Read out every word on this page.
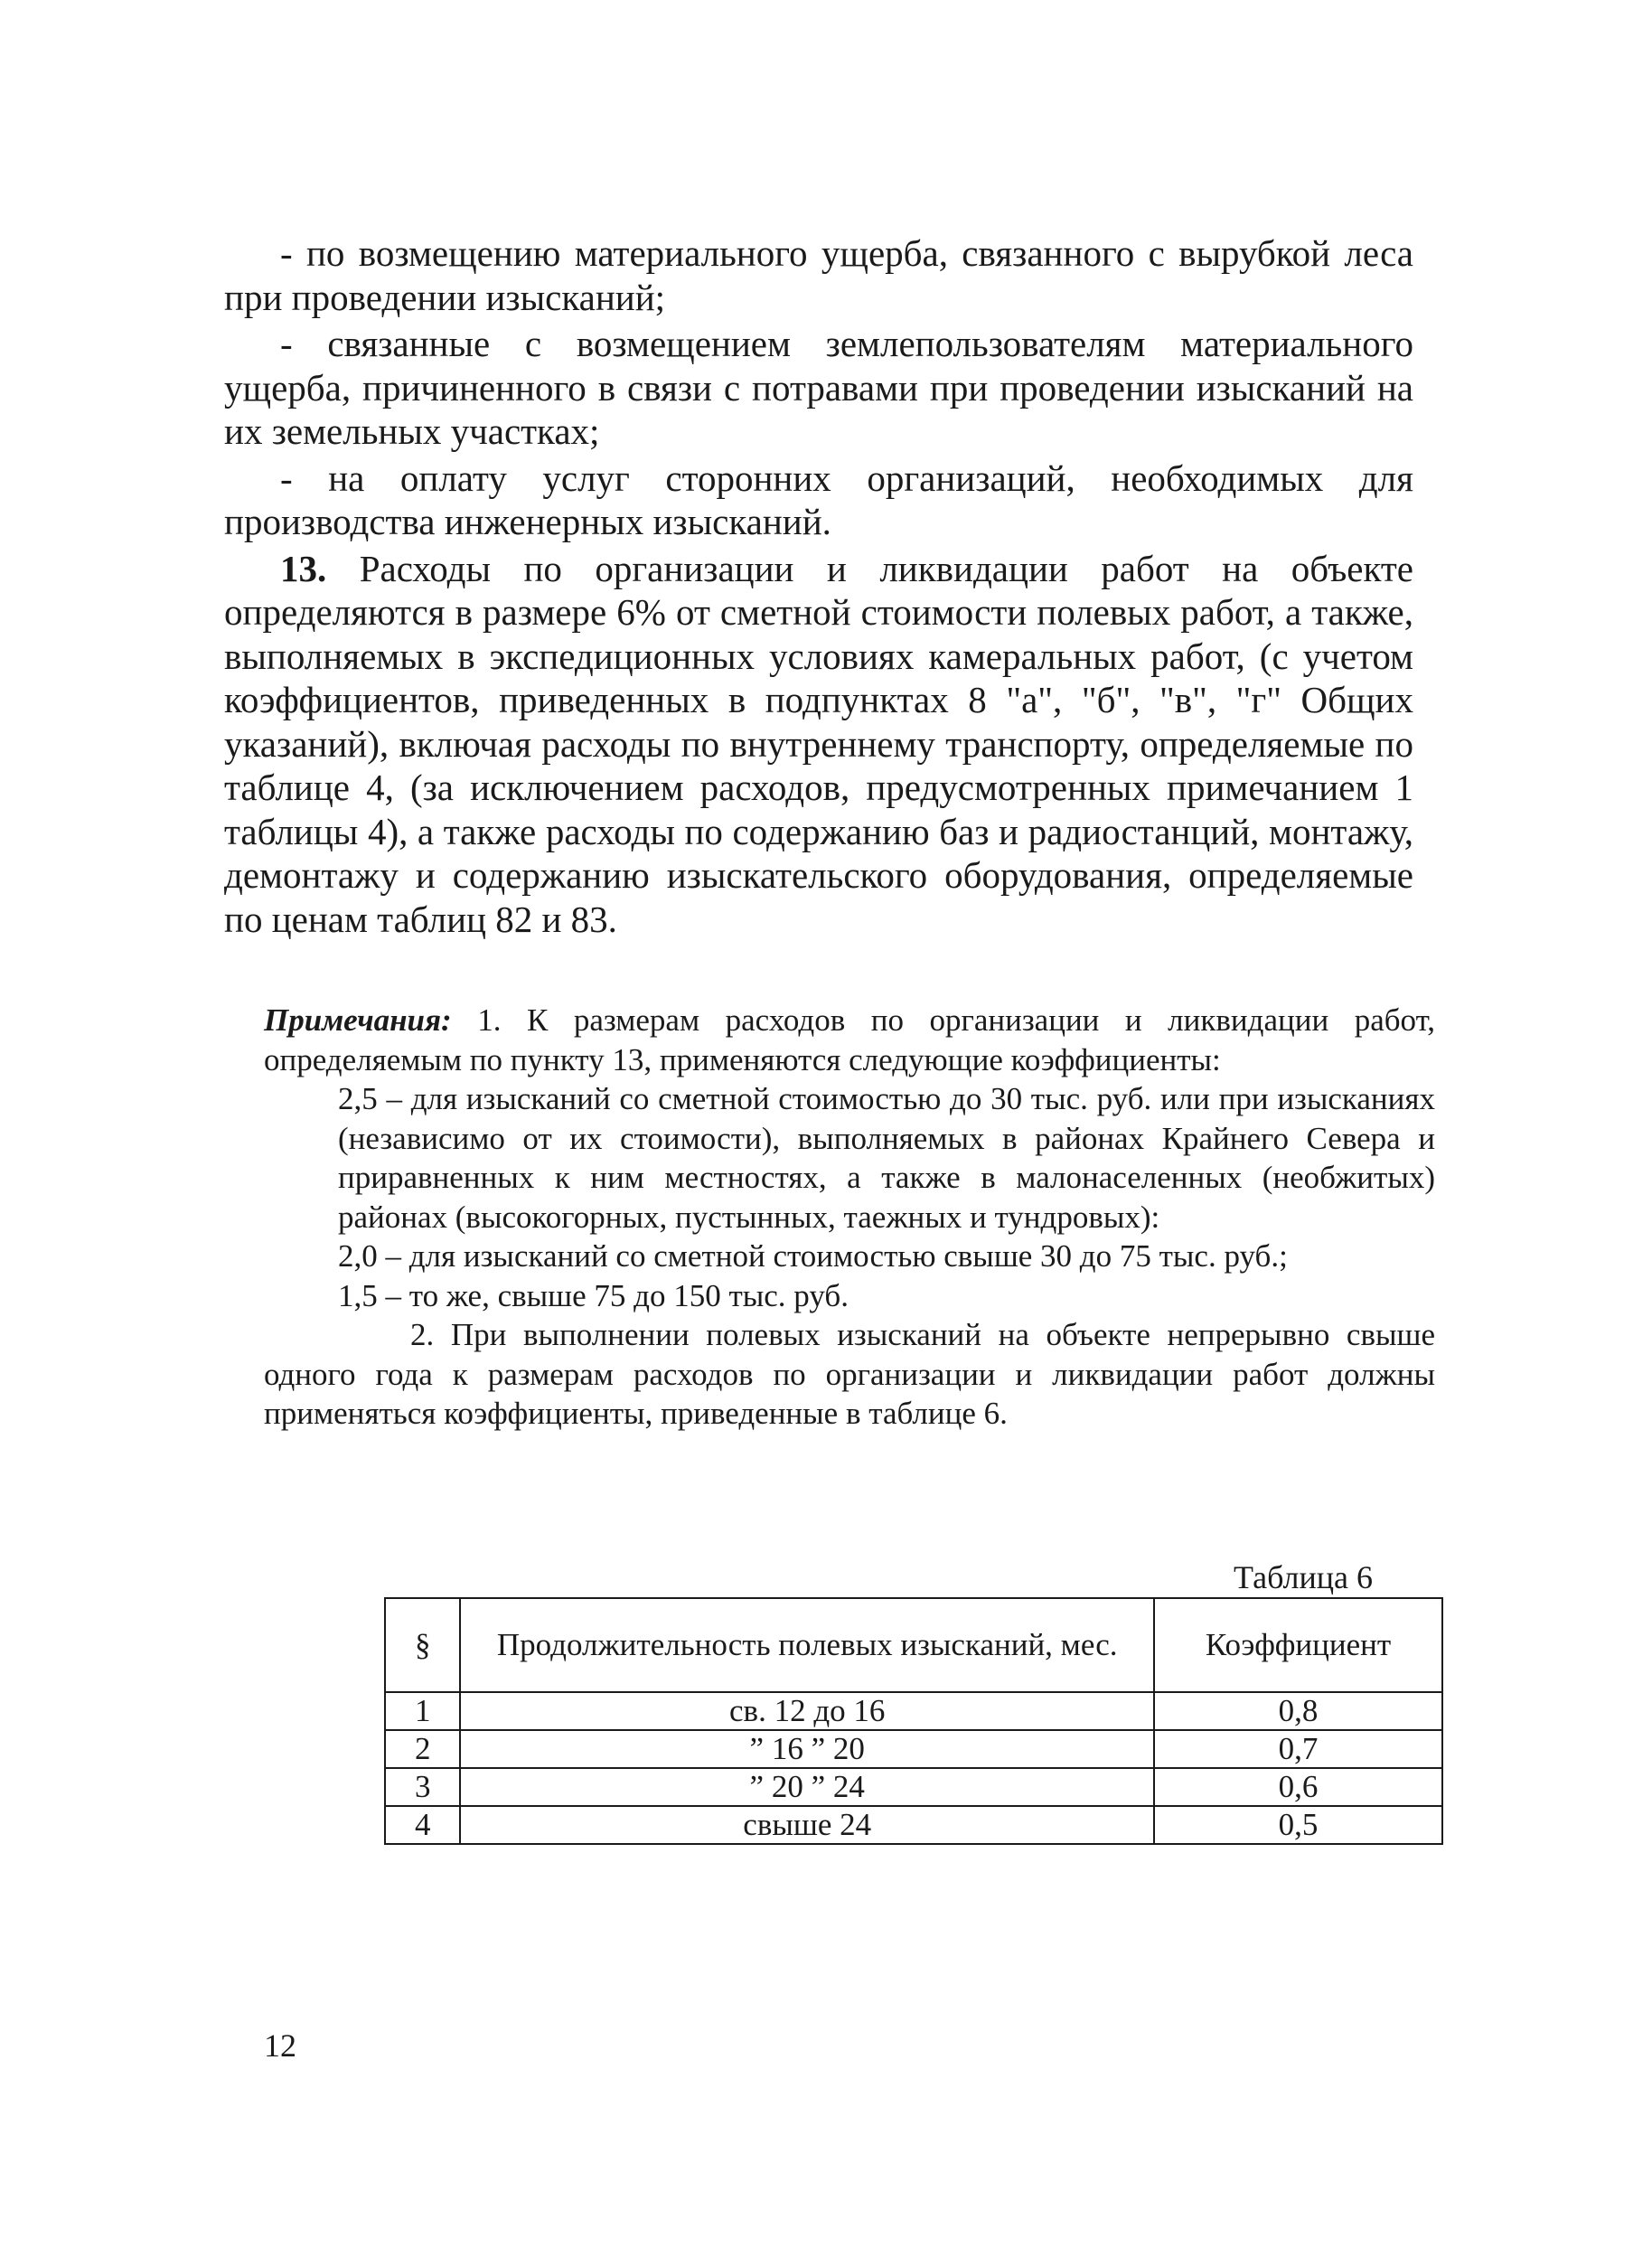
- по возмещению материального ущерба, связанного с вырубкой леса при проведении изысканий;

- связанные с возмещением землепользователям материального ущерба, причиненного в связи с потравами при проведении изысканий на их земельных участках;

- на оплату услуг сторонних организаций, необходимых для производства инженерных изысканий.

13. Расходы по организации и ликвидации работ на объекте определяются в размере 6% от сметной стоимости полевых работ, а также, выполняемых в экспедиционных условиях камеральных работ, (с учетом коэффициентов, приведенных в подпунктах 8 "а", "б", "в", "г" Общих указаний), включая расходы по внутреннему транспорту, определяемые по таблице 4, (за исключением расходов, предусмотренных примечанием 1 таблицы 4), а также расходы по содержанию баз и радиостанций, монтажу, демонтажу и содержанию изыскательского оборудования, определяемые по ценам таблиц 82 и 83.

Примечания: 1. К размерам расходов по организации и ликвидации работ, определяемым по пункту 13, применяются следующие коэффициенты:

2,5 – для изысканий со сметной стоимостью до 30 тыс. руб. или при изысканиях (независимо от их стоимости), выполняемых в районах Крайнего Севера и приравненных к ним местностях, а также в малонаселенных (необжитых) районах (высокогорных, пустынных, таежных и тундровых):

2,0 – для изысканий со сметной стоимостью свыше 30 до 75 тыс. руб.;

1,5 – то же, свыше 75 до 150 тыс. руб.

2. При выполнении полевых изысканий на объекте непрерывно свыше одного года к размерам расходов по организации и ликвидации работ должны применяться коэффициенты, приведенные в таблице 6.

Таблица 6
§	Продолжительность полевых изысканий, мес.	Коэффициент
1	св. 12 до 16	0,8
2	” 16 ” 20	0,7
3	” 20 ” 24	0,6
4	свыше 24	0,5
12
